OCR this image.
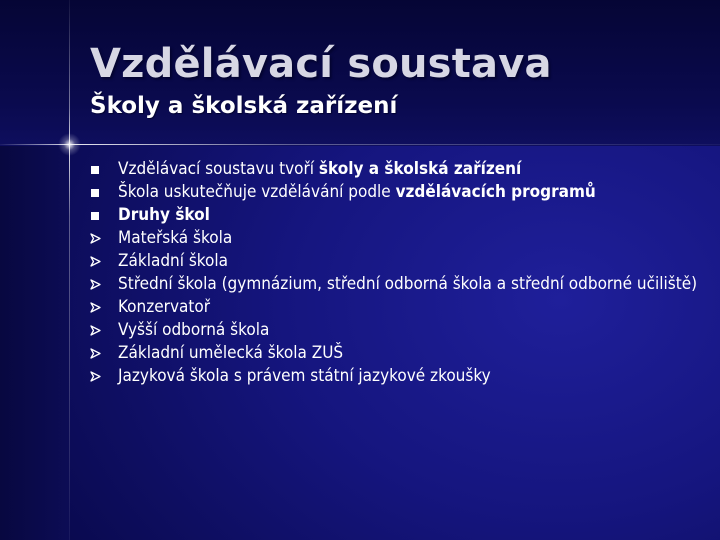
Vzdělávací soustava
Školy a školská zařízení
Vzdělávací soustavu tvoří školy a školská zařízení
Škola uskutečňuje vzdělávání podle vzdělávacích programů
Druhy škol
Mateřská škola
Základní škola
Střední škola (gymnázium, střední odborná škola a střední odborné učiliště)
Konzervatoř
Vyšší odborná škola
Základní umělecká škola ZUŠ
Jazyková škola s právem státní jazykové zkoušky
